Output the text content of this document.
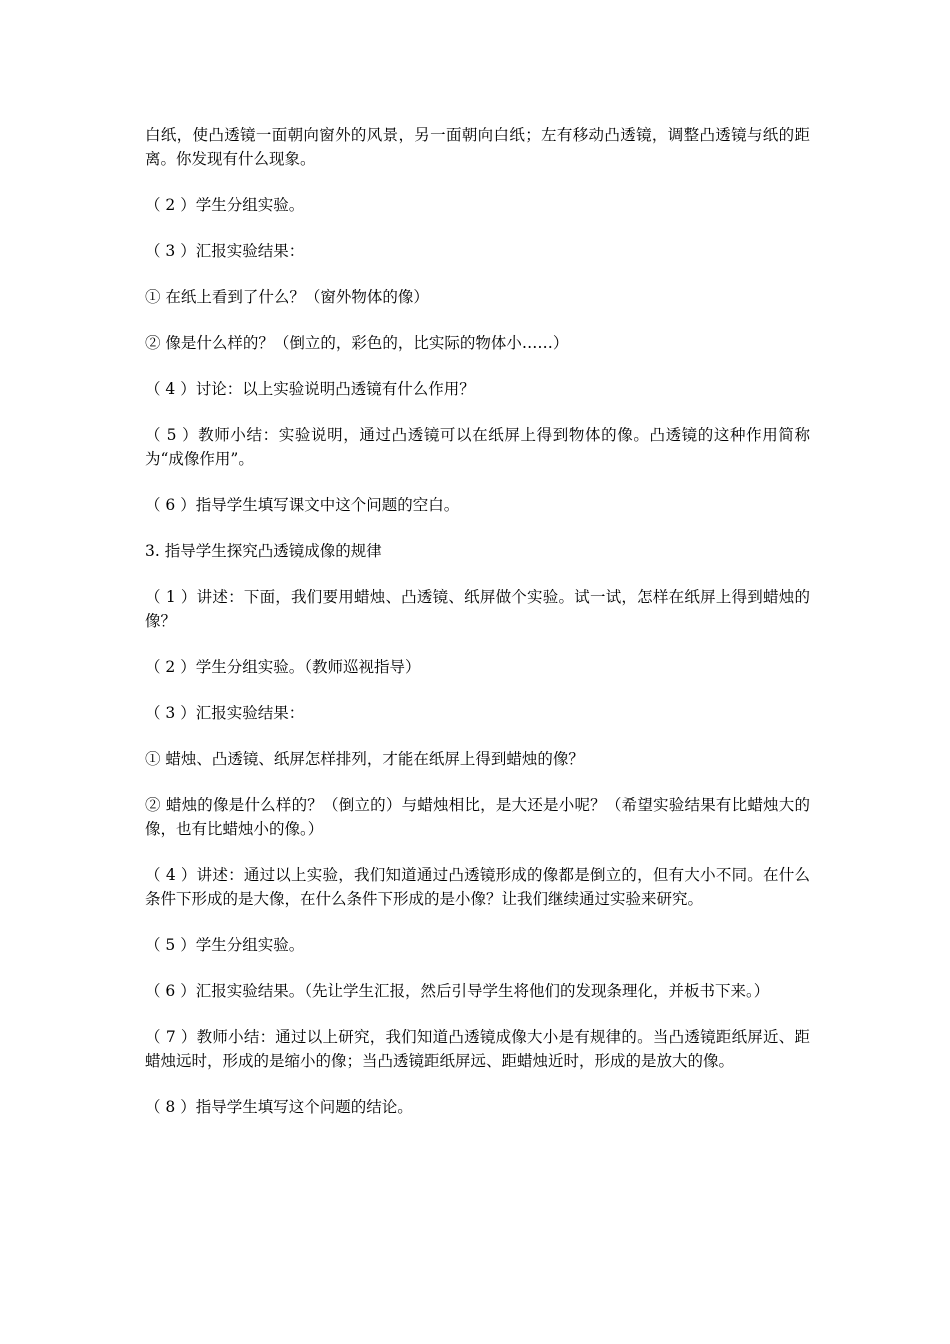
白纸，使凸透镜一面朝向窗外的风景，另一面朝向白纸；左有移动凸透镜，调整凸透镜与纸的距离。你发现有什么现象。

（ 2 ）学生分组实验。

（ 3 ）汇报实验结果：

① 在纸上看到了什么？（窗外物体的像）

② 像是什么样的？（倒立的，彩色的，比实际的物体小……）

（ 4 ）讨论：以上实验说明凸透镜有什么作用？

（ 5 ）教师小结：实验说明，通过凸透镜可以在纸屏上得到物体的像。凸透镜的这种作用简称为“成像作用”。

（ 6 ）指导学生填写课文中这个问题的空白。

3. 指导学生探究凸透镜成像的规律

（ 1 ）讲述：下面，我们要用蜡烛、凸透镜、纸屏做个实验。试一试，怎样在纸屏上得到蜡烛的像？

（ 2 ）学生分组实验。（教师巡视指导）

（ 3 ）汇报实验结果：

① 蜡烛、凸透镜、纸屏怎样排列，才能在纸屏上得到蜡烛的像？

② 蜡烛的像是什么样的？（倒立的）与蜡烛相比，是大还是小呢？（希望实验结果有比蜡烛大的像，也有比蜡烛小的像。）

（ 4 ）讲述：通过以上实验，我们知道通过凸透镜形成的像都是倒立的，但有大小不同。在什么条件下形成的是大像，在什么条件下形成的是小像？让我们继续通过实验来研究。

（ 5 ）学生分组实验。

（ 6 ）汇报实验结果。（先让学生汇报，然后引导学生将他们的发现条理化，并板书下来。）

（ 7 ）教师小结：通过以上研究，我们知道凸透镜成像大小是有规律的。当凸透镜距纸屏近、距蜡烛远时，形成的是缩小的像；当凸透镜距纸屏远、距蜡烛近时，形成的是放大的像。

（ 8 ）指导学生填写这个问题的结论。
